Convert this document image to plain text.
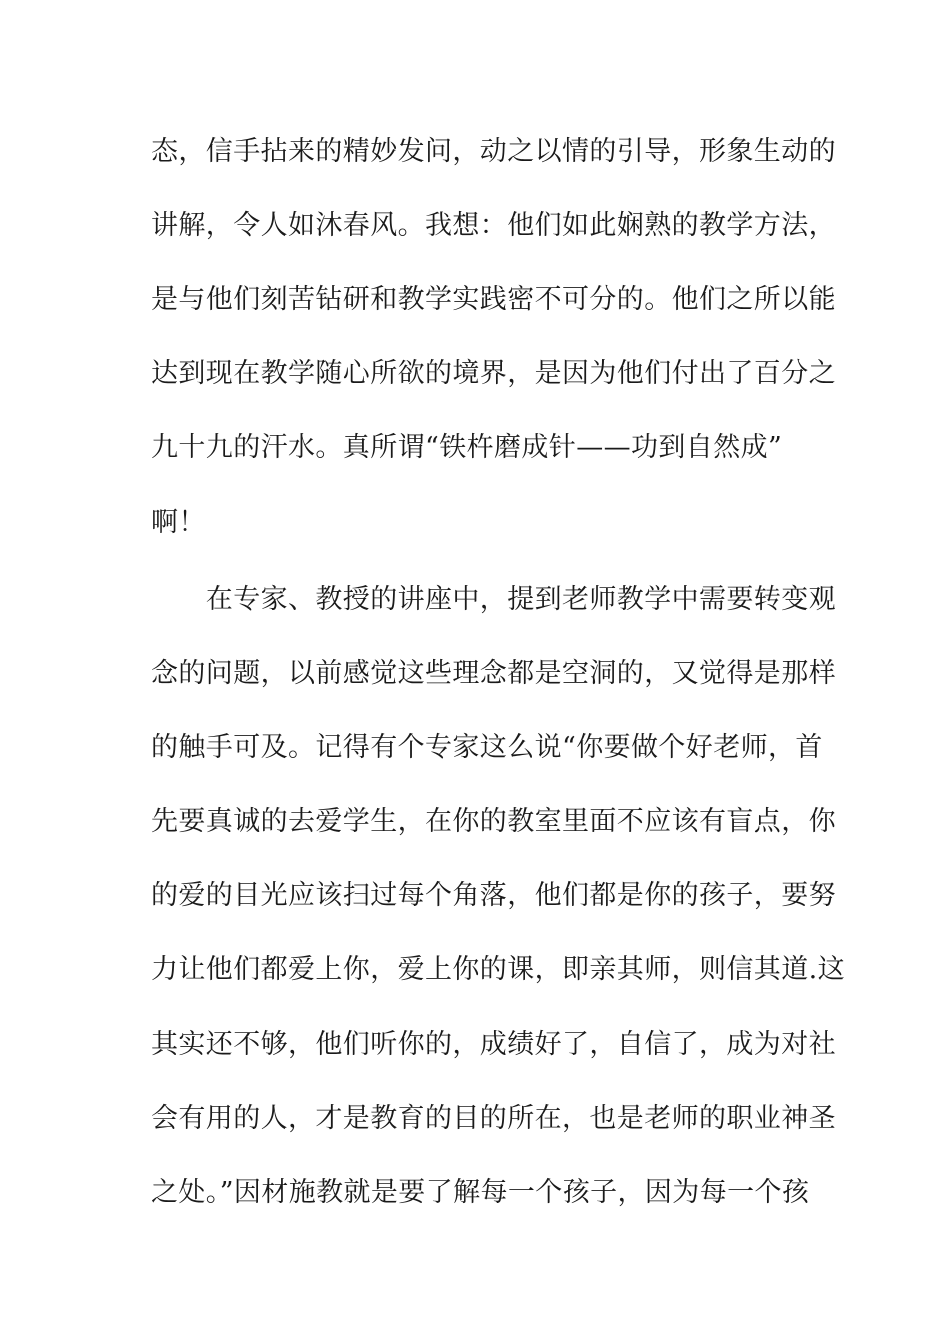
态，信手拈来的精妙发问，动之以情的引导，形象生动的
讲解，令人如沐春风。我想：他们如此娴熟的教学方法，
是与他们刻苦钻研和教学实践密不可分的。他们之所以能
达到现在教学随心所欲的境界，是因为他们付出了百分之
九十九的汗水。真所谓“铁杵磨成针——功到自然成”
啊！
　　在专家、教授的讲座中，提到老师教学中需要转变观
念的问题，以前感觉这些理念都是空洞的，又觉得是那样
的触手可及。记得有个专家这么说“你要做个好老师，首
先要真诚的去爱学生，在你的教室里面不应该有盲点，你
的爱的目光应该扫过每个角落，他们都是你的孩子，要努
力让他们都爱上你，爱上你的课，即亲其师，则信其道.这
其实还不够，他们听你的，成绩好了，自信了，成为对社
会有用的人，才是教育的目的所在，也是老师的职业神圣
之处。”因材施教就是要了解每一个孩子，因为每一个孩
